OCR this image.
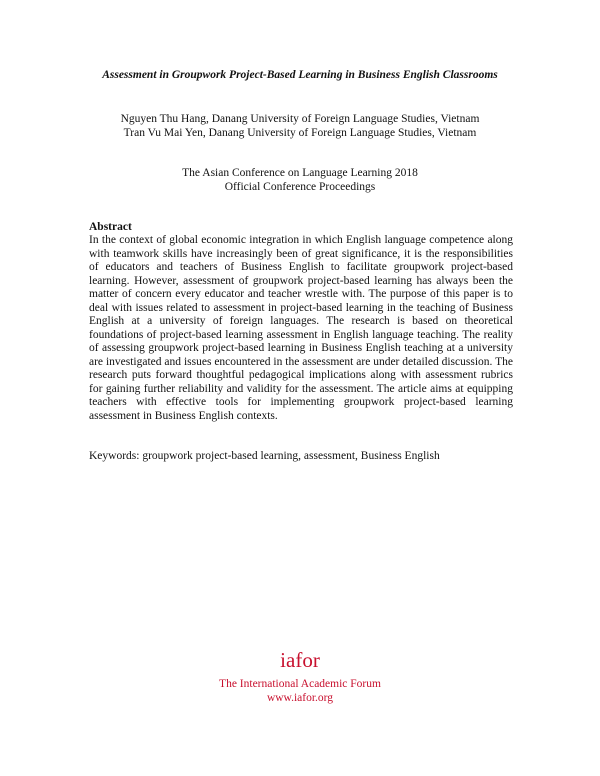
Assessment in Groupwork Project-Based Learning in Business English Classrooms
Nguyen Thu Hang, Danang University of Foreign Language Studies, Vietnam
Tran Vu Mai Yen, Danang University of Foreign Language Studies, Vietnam
The Asian Conference on Language Learning 2018
Official Conference Proceedings
Abstract
In the context of global economic integration in which English language competence along with teamwork skills have increasingly been of great significance, it is the responsibilities of educators and teachers of Business English to facilitate groupwork project-based learning. However, assessment of groupwork project-based learning has always been the matter of concern every educator and teacher wrestle with. The purpose of this paper is to deal with issues related to assessment in project-based learning in the teaching of Business English at a university of foreign languages. The research is based on theoretical foundations of project-based learning assessment in English language teaching. The reality of assessing groupwork project-based learning in Business English teaching at a university are investigated and issues encountered in the assessment are under detailed discussion. The research puts forward thoughtful pedagogical implications along with assessment rubrics for gaining further reliability and validity for the assessment. The article aims at equipping teachers with effective tools for implementing groupwork project-based learning assessment in Business English contexts.
Keywords: groupwork project-based learning, assessment, Business English
iafor
The International Academic Forum
www.iafor.org
